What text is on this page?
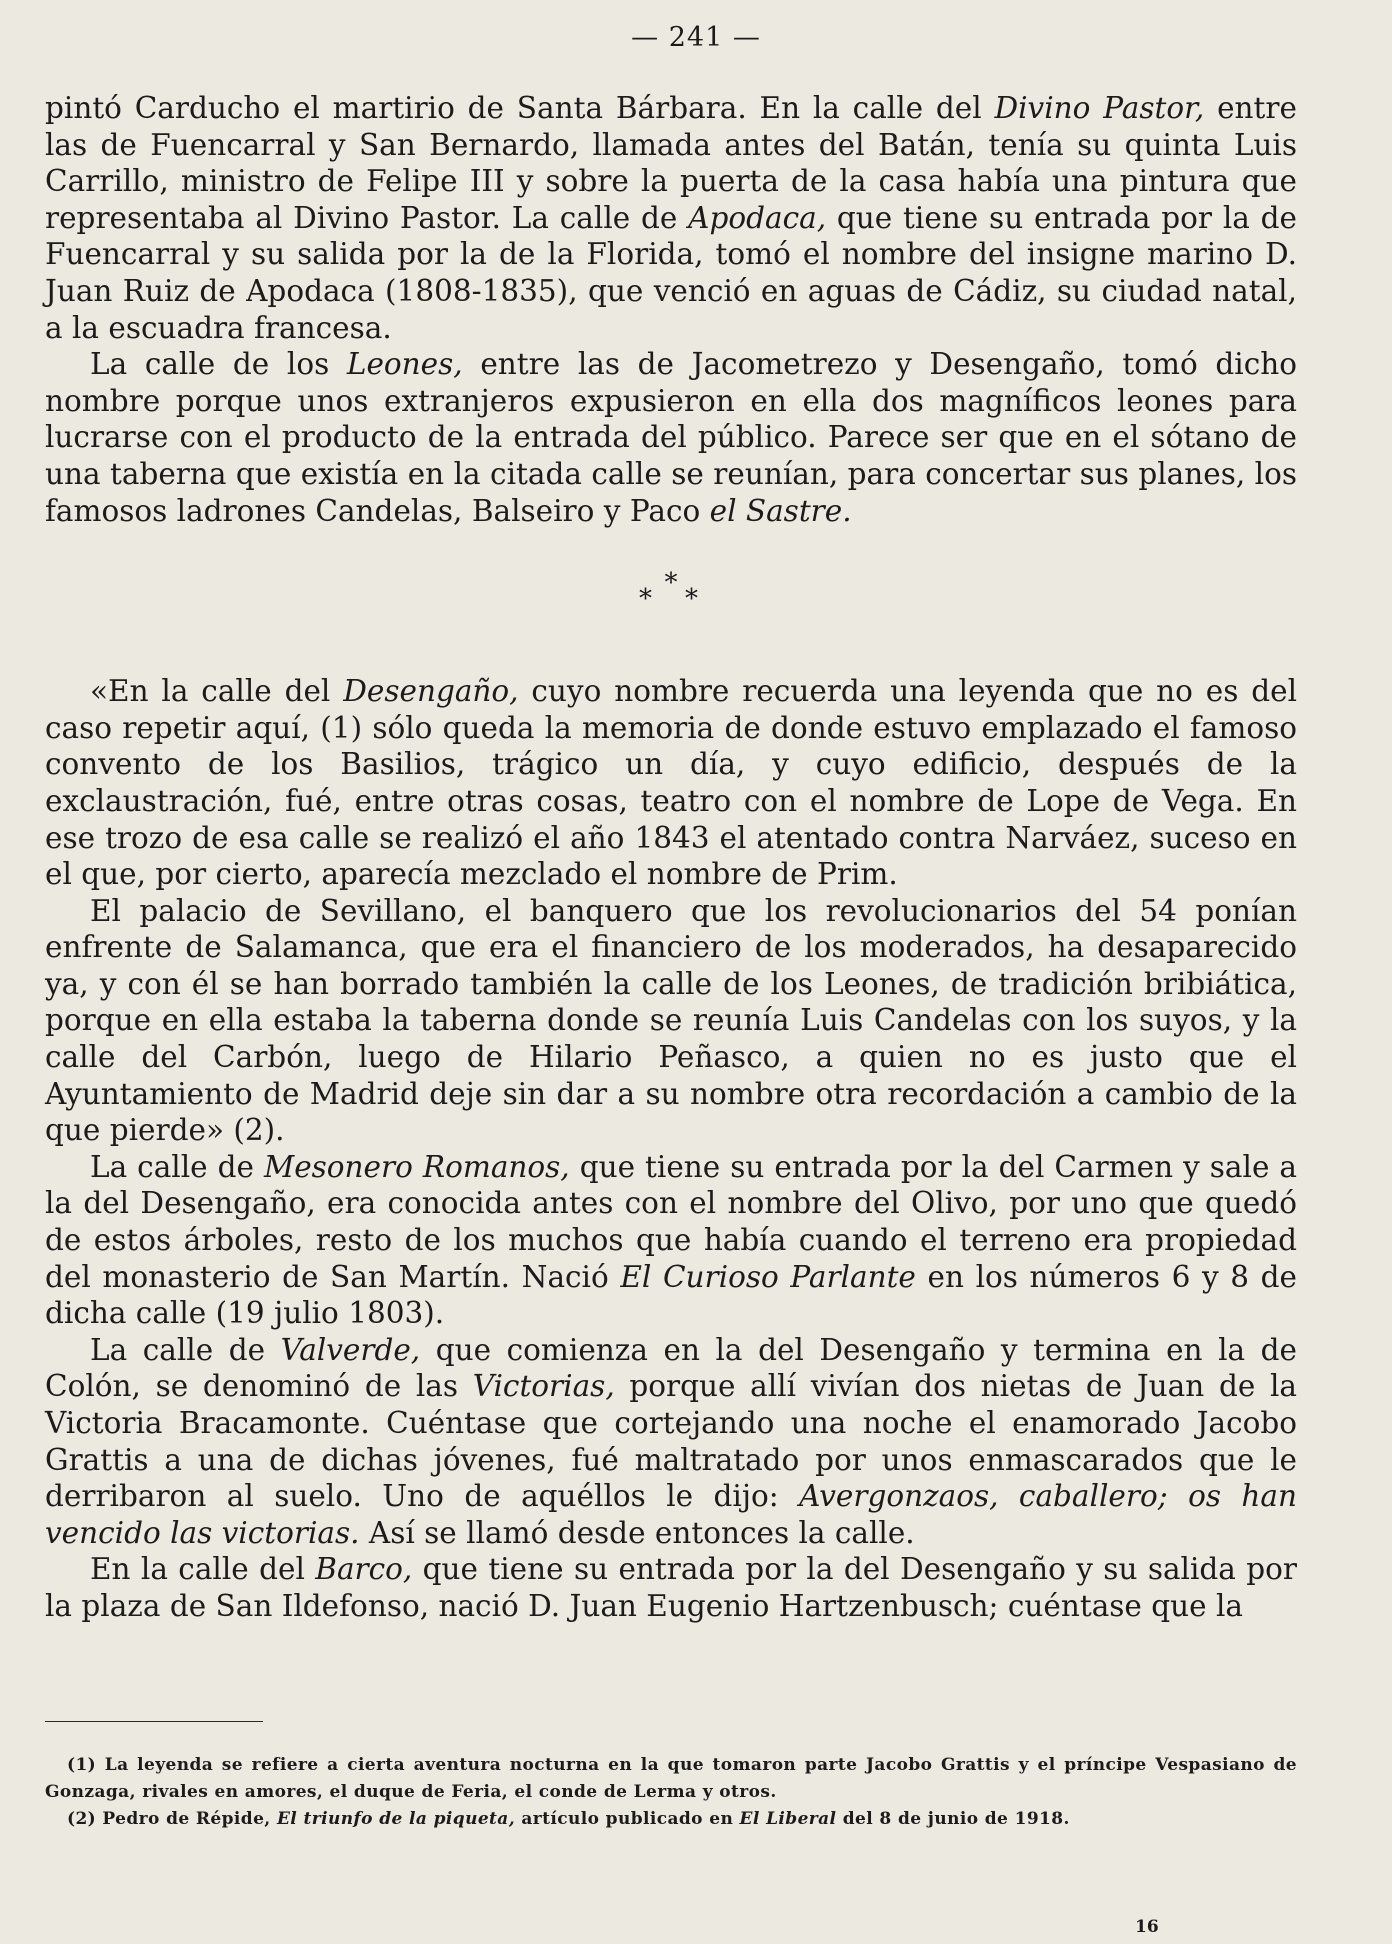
— 241 —

pintó Carducho el martirio de Santa Bárbara. En la calle del Divino Pastor, entre las de Fuencarral y San Bernardo, llamada antes del Batán, tenía su quinta Luis Carrillo, ministro de Felipe III y sobre la puerta de la casa había una pintura que representaba al Divino Pastor. La calle de Apodaca, que tiene su entrada por la de Fuencarral y su salida por la de la Florida, tomó el nombre del insigne marino D. Juan Ruiz de Apodaca (1808-1835), que venció en aguas de Cádiz, su ciudad natal, a la escuadra francesa.

La calle de los Leones, entre las de Jacometrezo y Desengaño, tomó dicho nombre porque unos extranjeros expusieron en ella dos magníficos leones para lucrarse con el producto de la entrada del público. Parece ser que en el sótano de una taberna que existía en la citada calle se reunían, para concertar sus planes, los famosos ladrones Candelas, Balseiro y Paco el Sastre.

*
* *

«En la calle del Desengaño, cuyo nombre recuerda una leyenda que no es del caso repetir aquí, (1) sólo queda la memoria de donde estuvo emplazado el famoso convento de los Basilios, trágico un día, y cuyo edificio, después de la exclaustración, fué, entre otras cosas, teatro con el nombre de Lope de Vega. En ese trozo de esa calle se realizó el año 1843 el atentado contra Narváez, suceso en el que, por cierto, aparecía mezclado el nombre de Prim.

El palacio de Sevillano, el banquero que los revolucionarios del 54 ponían enfrente de Salamanca, que era el financiero de los moderados, ha desaparecido ya, y con él se han borrado también la calle de los Leones, de tradición bribiática, porque en ella estaba la taberna donde se reunía Luis Candelas con los suyos, y la calle del Carbón, luego de Hilario Peñasco, a quien no es justo que el Ayuntamiento de Madrid deje sin dar a su nombre otra recordación a cambio de la que pierde» (2).

La calle de Mesonero Romanos, que tiene su entrada por la del Carmen y sale a la del Desengaño, era conocida antes con el nombre del Olivo, por uno que quedó de estos árboles, resto de los muchos que había cuando el terreno era propiedad del monasterio de San Martín. Nació El Curioso Parlante en los números 6 y 8 de dicha calle (19 julio 1803).

La calle de Valverde, que comienza en la del Desengaño y termina en la de Colón, se denominó de las Victorias, porque allí vivían dos nietas de Juan de la Victoria Bracamonte. Cuéntase que cortejando una noche el enamorado Jacobo Grattis a una de dichas jóvenes, fué maltratado por unos enmascarados que le derribaron al suelo. Uno de aquéllos le dijo: Avergonzaos, caballero; os han vencido las victorias. Así se llamó desde entonces la calle.

En la calle del Barco, que tiene su entrada por la del Desengaño y su salida por la plaza de San Ildefonso, nació D. Juan Eugenio Hartzenbusch; cuéntase que la

(1) La leyenda se refiere a cierta aventura nocturna en la que tomaron parte Jacobo Grattis y el príncipe Vespasiano de Gonzaga, rivales en amores, el duque de Feria, el conde de Lerma y otros.

(2) Pedro de Répide, El triunfo de la piqueta, artículo publicado en El Liberal del 8 de junio de 1918.

16
